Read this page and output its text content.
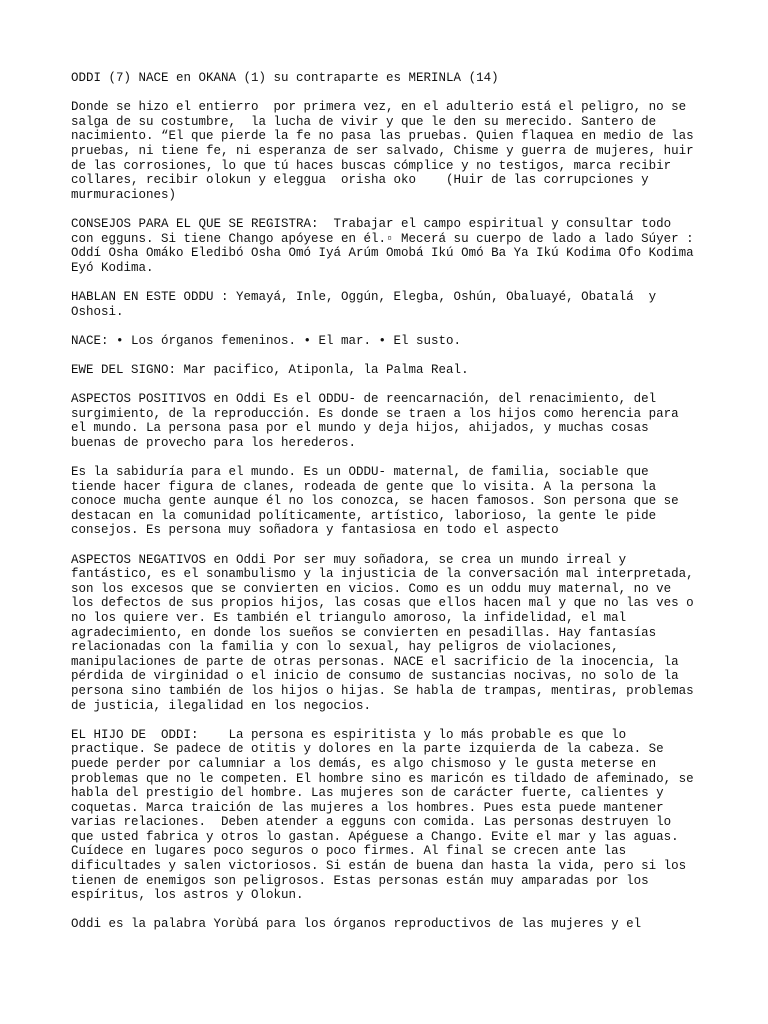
ODDI (7) NACE en OKANA (1) su contraparte es MERINLA (14)

Donde se hizo el entierro  por primera vez, en el adulterio está el peligro, no se salga de su costumbre,  la lucha de vivir y que le den su merecido. Santero de nacimiento. “El que pierde la fe no pasa las pruebas. Quien flaquea en medio de las pruebas, ni tiene fe, ni esperanza de ser salvado, Chisme y guerra de mujeres, huir de las corrosiones, lo que tú haces buscas cómplice y no testigos, marca recibir collares, recibir olokun y eleggua  orisha oko    (Huir de las corrupciones y murmuraciones)

CONSEJOS PARA EL QUE SE REGISTRA:  Trabajar el campo espiritual y consultar todo con egguns. Si tiene Chango apóyese en él.▫ Mecerá su cuerpo de lado a lado Súyer : Oddí Osha Omáko Eledibó Osha Omó Iyá Arúm Omobá Ikú Omó Ba Ya Ikú Kodima Ofo Kodima Eyó Kodima.

HABLAN EN ESTE ODDU : Yemayá, Inle, Oggún, Elegba, Oshún, Obaluayé, Obatalá  y Oshosi.

NACE: • Los órganos femeninos. • El mar. • El susto.

EWE DEL SIGNO: Mar pacifico, Atiponla, la Palma Real.

ASPECTOS POSITIVOS en Oddi Es el ODDU- de reencarnación, del renacimiento, del surgimiento, de la reproducción. Es donde se traen a los hijos como herencia para el mundo. La persona pasa por el mundo y deja hijos, ahijados, y muchas cosas buenas de provecho para los herederos.

Es la sabiduría para el mundo. Es un ODDU- maternal, de familia, sociable que tiende hacer figura de clanes, rodeada de gente que lo visita. A la persona la conoce mucha gente aunque él no los conozca, se hacen famosos. Son persona que se destacan en la comunidad políticamente, artístico, laborioso, la gente le pide consejos. Es persona muy soñadora y fantasiosa en todo el aspecto

ASPECTOS NEGATIVOS en Oddi Por ser muy soñadora, se crea un mundo irreal y fantástico, es el sonambulismo y la injusticia de la conversación mal interpretada, son los excesos que se convierten en vicios. Como es un oddu muy maternal, no ve los defectos de sus propios hijos, las cosas que ellos hacen mal y que no las ves o no los quiere ver. Es también el triangulo amoroso, la infidelidad, el mal agradecimiento, en donde los sueños se convierten en pesadillas. Hay fantasías relacionadas con la familia y con lo sexual, hay peligros de violaciones, manipulaciones de parte de otras personas. NACE el sacrificio de la inocencia, la pérdida de virginidad o el inicio de consumo de sustancias nocivas, no solo de la persona sino también de los hijos o hijas. Se habla de trampas, mentiras, problemas de justicia, ilegalidad en los negocios.

EL HIJO DE  ODDI:    La persona es espiritista y lo más probable es que lo practique. Se padece de otitis y dolores en la parte izquierda de la cabeza. Se puede perder por calumniar a los demás, es algo chismoso y le gusta meterse en problemas que no le competen. El hombre sino es maricón es tildado de afeminado, se habla del prestigio del hombre. Las mujeres son de carácter fuerte, calientes y coquetas. Marca traición de las mujeres a los hombres. Pues esta puede mantener varias relaciones.  Deben atender a egguns con comida. Las personas destruyen lo que usted fabrica y otros lo gastan. Apéguese a Chango. Evite el mar y las aguas. Cuídece en lugares poco seguros o poco firmes. Al final se crecen ante las dificultades y salen victoriosos. Si están de buena dan hasta la vida, pero si los tienen de enemigos son peligrosos. Estas personas están muy amparadas por los espíritus, los astros y Olokun.

Oddi es la palabra Yorùbá para los órganos reproductivos de las mujeres y el
